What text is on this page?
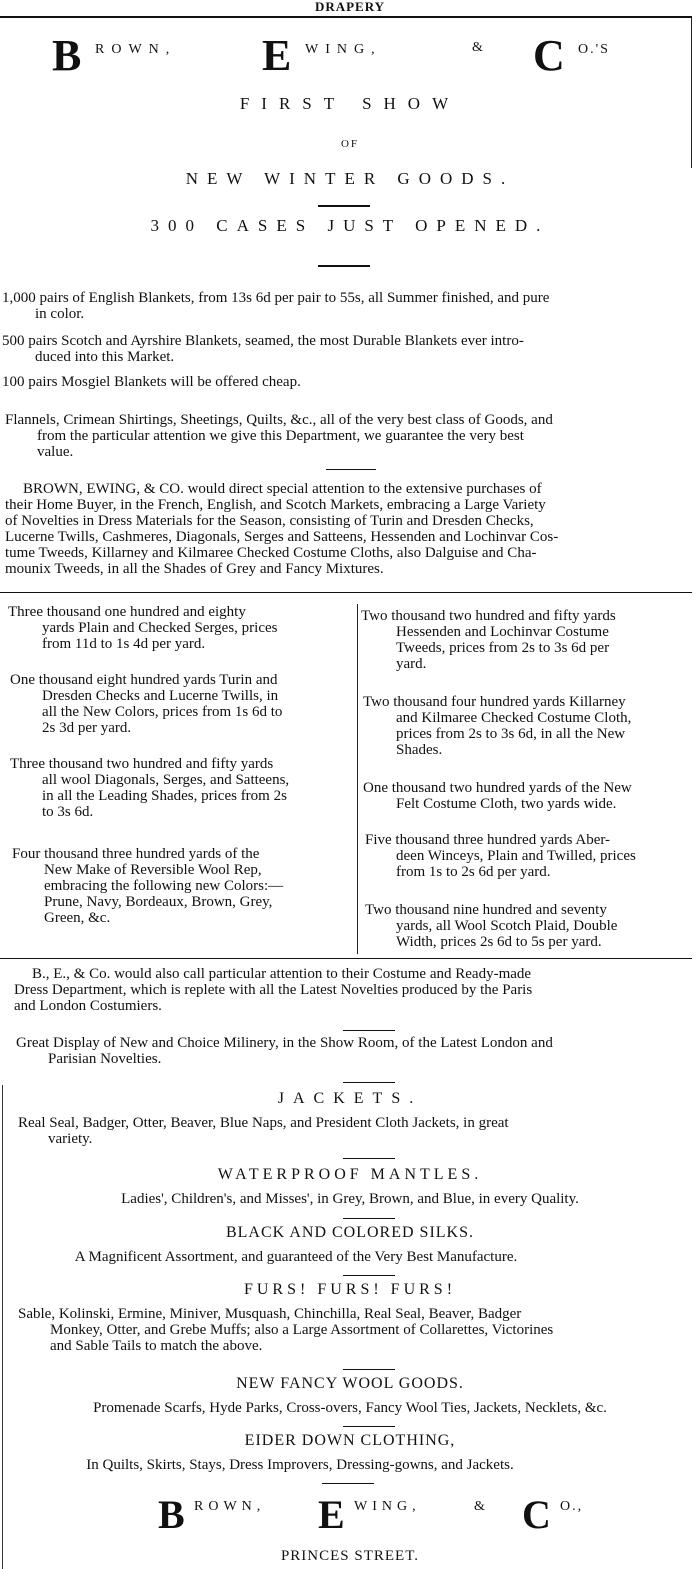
DRAPERY
B ROWN, E WING,	& C O.'S
FIRST SHOW
OF
NEW WINTER GOODS.
300 CASES JUST OPENED.
1,000 pairs of English Blankets, from 13s 6d per pair to 55s, all Summer finished, and pure
in color.
500 pairs Scotch and Ayrshire Blankets, seamed, the most Durable Blankets ever intro-
duced into this Market.
100 pairs Mosgiel Blankets will be offered cheap.
Flannels, Crimean Shirtings, Sheetings, Quilts, &c., all of the very best class of Goods, and
from the particular attention we give this Department, we guarantee the very best
value.
BROWN, EWING, & CO. would direct special attention to the extensive purchases of
their Home Buyer, in the French, English, and Scotch Markets, embracing a Large Variety
of Novelties in Dress Materials for the Season, consisting of Turin and Dresden Checks,
Lucerne Twills, Cashmeres, Diagonals, Serges and Satteens, Hessenden and Lochinvar Cos-
tume Tweeds, Killarney and Kilmaree Checked Costume Cloths, also Dalguise and Cha-
mounix Tweeds, in all the Shades of Grey and Fancy Mixtures.
Three thousand one hundred and eighty
yards Plain and Checked Serges, prices
from 11d to 1s 4d per yard.
One thousand eight hundred yards Turin and
Dresden Checks and Lucerne Twills, in
all the New Colors, prices from 1s 6d to
2s 3d per yard.
Three thousand two hundred and fifty yards
all wool Diagonals, Serges, and Satteens,
in all the Leading Shades, prices from 2s
to 3s 6d.
Four thousand three hundred yards of the
New Make of Reversible Wool Rep,
embracing the following new Colors:—
Prune, Navy, Bordeaux, Brown, Grey,
Green, &c.
Two thousand two hundred and fifty yards
Hessenden and Lochinvar Costume
Tweeds, prices from 2s to 3s 6d per
yard.
Two thousand four hundred yards Killarney
and Kilmaree Checked Costume Cloth,
prices from 2s to 3s 6d, in all the New
Shades.
One thousand two hundred yards of the New
Felt Costume Cloth, two yards wide.
Five thousand three hundred yards Aber-
deen Winceys, Plain and Twilled, prices
from 1s to 2s 6d per yard.
Two thousand nine hundred and seventy
yards, all Wool Scotch Plaid, Double
Width, prices 2s 6d to 5s per yard.
B., E., & Co. would also call particular attention to their Costume and Ready-made
Dress Department, which is replete with all the Latest Novelties produced by the Paris
and London Costumiers.
Great Display of New and Choice Milinery, in the Show Room, of the Latest London and
Parisian Novelties.
JACKETS.
Real Seal, Badger, Otter, Beaver, Blue Naps, and President Cloth Jackets, in great
variety.
WATERPROOF MANTLES.
Ladies', Children's, and Misses', in Grey, Brown, and Blue, in every Quality.
BLACK AND COLORED SILKS.
A Magnificent Assortment, and guaranteed of the Very Best Manufacture.
FURS! FURS! FURS!
Sable, Kolinski, Ermine, Miniver, Musquash, Chinchilla, Real Seal, Beaver, Badger
Monkey, Otter, and Grebe Muffs; also a Large Assortment of Collarettes, Victorines
and Sable Tails to match the above.
NEW FANCY WOOL GOODS.
Promenade Scarfs, Hyde Parks, Cross-overs, Fancy Wool Ties, Jackets, Necklets, &c.
EIDER DOWN CLOTHING,
In Quilts, Skirts, Stays, Dress Improvers, Dressing-gowns, and Jackets.
B ROWN, E WING,	& C O.,
PRINCES STREET.
